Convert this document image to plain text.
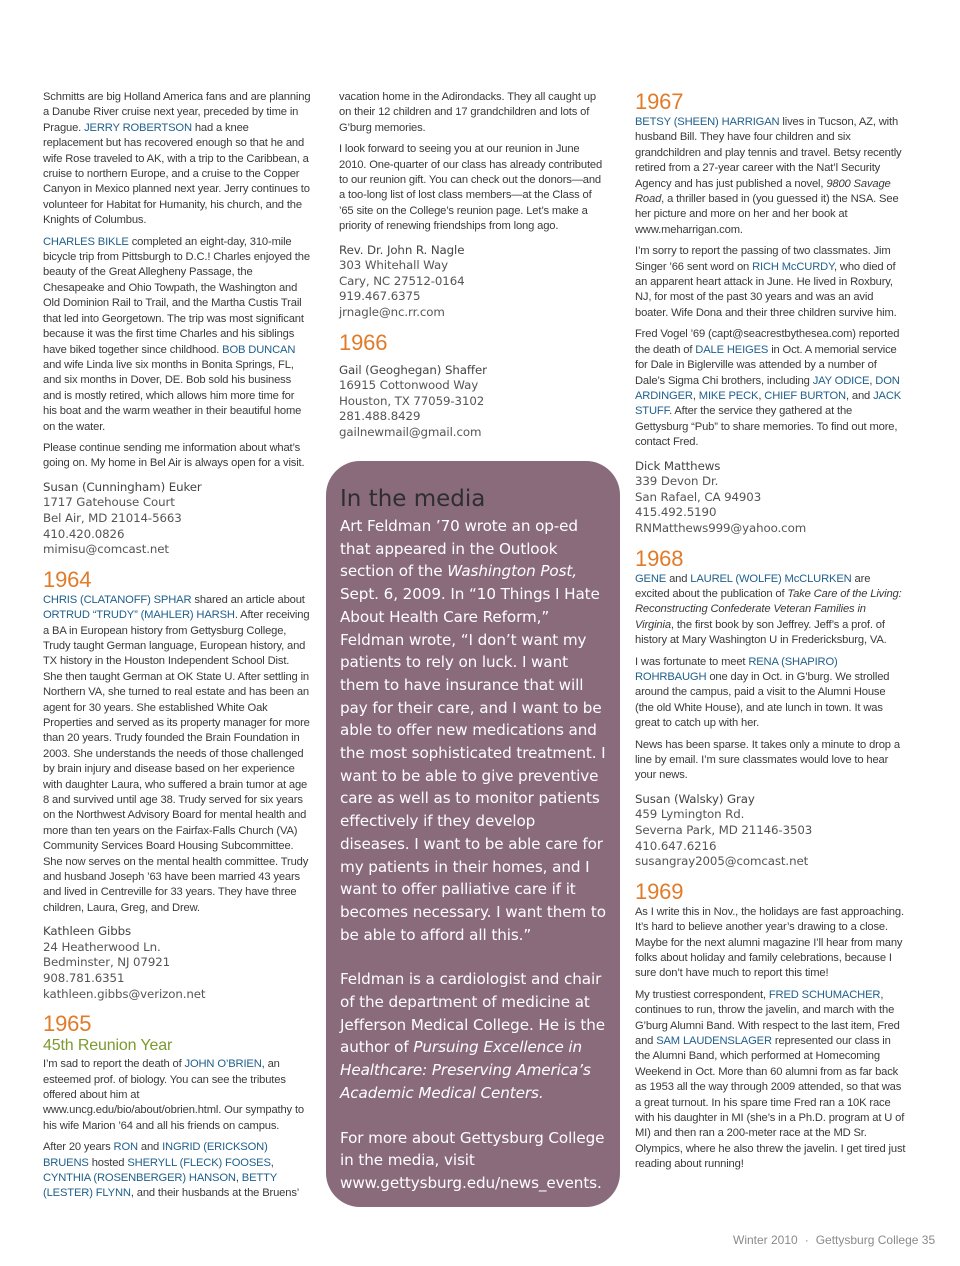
Schmitts are big Holland America fans and are planning a Danube River cruise next year, preceded by time in Prague. JERRY ROBERTSON had a knee replacement but has recovered enough so that he and wife Rose traveled to AK, with a trip to the Caribbean, a cruise to northern Europe, and a cruise to the Copper Canyon in Mexico planned next year. Jerry continues to volunteer for Habitat for Humanity, his church, and the Knights of Columbus.

CHARLES BIKLE completed an eight-day, 310-mile bicycle trip from Pittsburgh to D.C.! Charles enjoyed the beauty of the Great Allegheny Passage, the Chesapeake and Ohio Towpath, the Washington and Old Dominion Rail to Trail, and the Martha Custis Trail that led into Georgetown. The trip was most significant because it was the first time Charles and his siblings have biked together since childhood. BOB DUNCAN and wife Linda live six months in Bonita Springs, FL, and six months in Dover, DE. Bob sold his business and is mostly retired, which allows him more time for his boat and the warm weather in their beautiful home on the water.

Please continue sending me information about what’s going on. My home in Bel Air is always open for a visit.

Susan (Cunningham) Euker
1717 Gatehouse Court
Bel Air, MD 21014-5663
410.420.0826
mimisu@comcast.net
1964

CHRIS (CLATANOFF) SPHAR shared an article about ORTRUD “TRUDY” (MAHLER) HARSH. After receiving a BA in European history from Gettysburg College, Trudy taught German language, European history, and TX history in the Houston Independent School Dist. She then taught German at OK State U. After settling in Northern VA, she turned to real estate and has been an agent for 30 years. She established White Oak Properties and served as its property manager for more than 20 years. Trudy founded the Brain Foundation in 2003. She understands the needs of those challenged by brain injury and disease based on her experience with daughter Laura, who suffered a brain tumor at age 8 and survived until age 38. Trudy served for six years on the Northwest Advisory Board for mental health and more than ten years on the Fairfax-Falls Church (VA) Community Services Board Housing Subcommittee. She now serves on the mental health committee. Trudy and husband Joseph ’63 have been married 43 years and lived in Centreville for 33 years. They have three children, Laura, Greg, and Drew.

Kathleen Gibbs
24 Heatherwood Ln.
Bedminster, NJ 07921
908.781.6351
kathleen.gibbs@verizon.net
1965
45th Reunion Year

I’m sad to report the death of JOHN O’BRIEN, an esteemed prof. of biology. You can see the tributes offered about him at www.uncg.edu/bio/about/obrien.html. Our sympathy to his wife Marion ’64 and all his friends on campus.

After 20 years RON and INGRID (ERICKSON) BRUENS hosted SHERYLL (FLECK) FOOSES, CYNTHIA (ROSENBERGER) HANSON, BETTY (LESTER) FLYNN, and their husbands at the Bruens’

vacation home in the Adirondacks. They all caught up on their 12 children and 17 grandchildren and lots of G’burg memories.

I look forward to seeing you at our reunion in June 2010. One-quarter of our class has already contributed to our reunion gift. You can check out the donors—and a too-long list of lost class members—at the Class of ’65 site on the College’s reunion page. Let’s make a priority of renewing friendships from long ago.

Rev. Dr. John R. Nagle
303 Whitehall Way
Cary, NC 27512-0164
919.467.6375
jrnagle@nc.rr.com
1966
Gail (Geoghegan) Shaffer
16915 Cottonwood Way
Houston, TX 77059-3102
281.488.8429
gailnewmail@gmail.com
In the media

Art Feldman ’70 wrote an op-ed that appeared in the Outlook section of the Washington Post, Sept. 6, 2009. In “10 Things I Hate About Health Care Reform,” Feldman wrote, “I don’t want my patients to rely on luck. I want them to have insurance that will pay for their care, and I want to be able to offer new medications and the most sophisticated treatment. I want to be able to give preventive care as well as to monitor patients effectively if they develop diseases. I want to be able care for my patients in their homes, and I want to offer palliative care if it becomes necessary. I want them to be able to afford all this.”

Feldman is a cardiologist and chair of the department of medicine at Jefferson Medical College. He is the author of Pursuing Excellence in Healthcare: Preserving America’s Academic Medical Centers.

For more about Gettysburg College in the media, visit www.gettysburg.edu/news_events.

1967

BETSY (SHEEN) HARRIGAN lives in Tucson, AZ, with husband Bill. They have four children and six grandchildren and play tennis and travel. Betsy recently retired from a 27-year career with the Nat’l Security Agency and has just published a novel, 9800 Savage Road, a thriller based in (you guessed it) the NSA. See her picture and more on her and her book at www.meharrigan.com.

I’m sorry to report the passing of two classmates. Jim Singer ’66 sent word on RICH McCURDY, who died of an apparent heart attack in June. He lived in Roxbury, NJ, for most of the past 30 years and was an avid boater. Wife Dona and their three children survive him.

Fred Vogel ’69 (capt@seacrestbythesea.com) reported the death of DALE HEIGES in Oct. A memorial service for Dale in Biglerville was attended by a number of Dale’s Sigma Chi brothers, including JAY ODICE, DON ARDINGER, MIKE PECK, CHIEF BURTON, and JACK STUFF. After the service they gathered at the Gettysburg “Pub” to share memories. To find out more, contact Fred.

Dick Matthews
339 Devon Dr.
San Rafael, CA 94903
415.492.5190
RNMatthews999@yahoo.com
1968

GENE and LAUREL (WOLFE) McCLURKEN are excited about the publication of Take Care of the Living: Reconstructing Confederate Veteran Families in Virginia, the first book by son Jeffrey. Jeff’s a prof. of history at Mary Washington U in Fredericksburg, VA.

I was fortunate to meet RENA (SHAPIRO) ROHRBAUGH one day in Oct. in G’burg. We strolled around the campus, paid a visit to the Alumni House (the old White House), and ate lunch in town. It was great to catch up with her.

News has been sparse. It takes only a minute to drop a line by email. I’m sure classmates would love to hear your news.

Susan (Walsky) Gray
459 Lymington Rd.
Severna Park, MD 21146-3503
410.647.6216
susangray2005@comcast.net
1969

As I write this in Nov., the holidays are fast approaching. It’s hard to believe another year’s drawing to a close. Maybe for the next alumni magazine I’ll hear from many folks about holiday and family celebrations, because I sure don’t have much to report this time!

My trustiest correspondent, FRED SCHUMACHER, continues to run, throw the javelin, and march with the G’burg Alumni Band. With respect to the last item, Fred and SAM LAUDENSLAGER represented our class in the Alumni Band, which performed at Homecoming Weekend in Oct. More than 60 alumni from as far back as 1953 all the way through 2009 attended, so that was a great turnout. In his spare time Fred ran a 10K race with his daughter in MI (she’s in a Ph.D. program at U of MI) and then ran a 200-meter race at the MD Sr. Olympics, where he also threw the javelin. I get tired just reading about running!

Winter 2010 · Gettysburg College 35
